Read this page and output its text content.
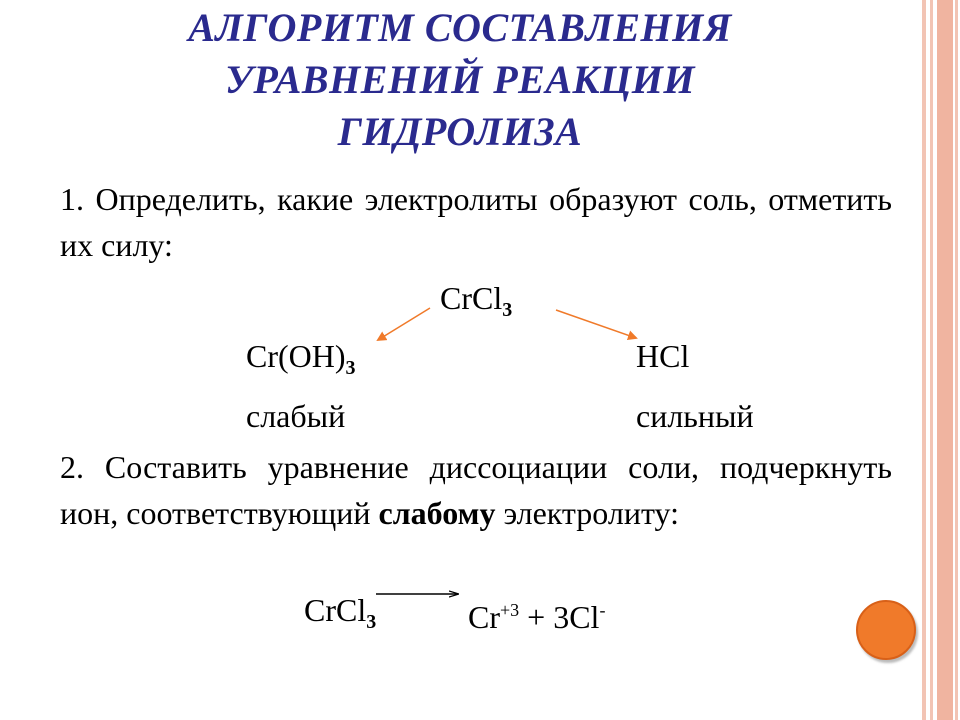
АЛГОРИТМ СОСТАВЛЕНИЯ
УРАВНЕНИЙ РЕАКЦИИ
ГИДРОЛИЗА
1. Определить, какие электролиты образуют соль, отметить их силу:
CrCl$_3$
$Cr(OH)_3$	HCl
слабый	сильный
2. Составить уравнение диссоциации соли, подчеркнуть ион, соответствующий слабому электролиту:
CrCl$_3$	$Cr^{+3} + 3Cl^-$
